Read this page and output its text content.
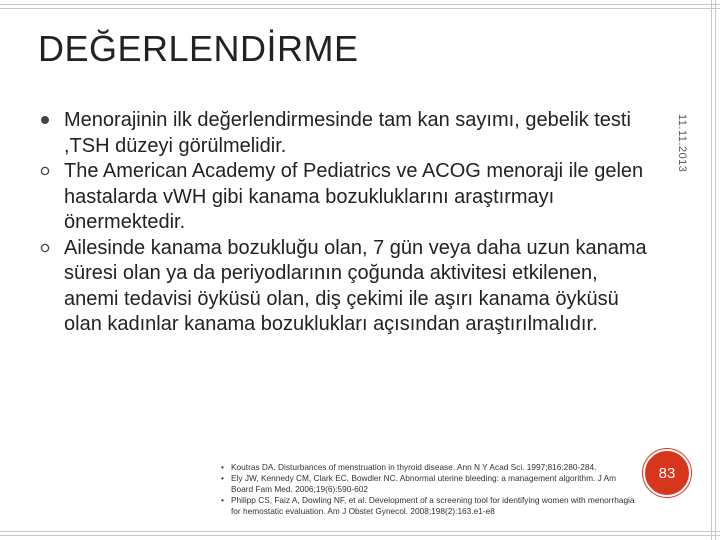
DEĞERLENDİRME
11.11.2013
Menorajinin ilk değerlendirmesinde tam kan sayımı, gebelik testi ,TSH düzeyi görülmelidir.
The American Academy of Pediatrics ve ACOG menoraji ile gelen hastalarda vWH gibi kanama bozukluklarını araştırmayı önermektedir.
Ailesinde kanama bozukluğu olan, 7 gün veya daha uzun kanama süresi olan ya da periyodlarının çoğunda aktivitesi etkilenen, anemi tedavisi öyküsü olan, diş çekimi ile aşırı kanama öyküsü olan kadınlar kanama bozuklukları açısından araştırılmalıdır.
• Koutras DA. Disturbances of menstruation in thyroid disease. Ann N Y Acad Sci. 1997;816:280-284.
• Ely JW, Kennedy CM, Clark EC, Bowdler NC. Abnormal uterine bleeding: a management algorithm. J Am Board Fam Med. 2006;19(6):590-602
• Philipp CS, Faiz A, Dowling NF, et al. Development of a screening tool for identifying women with menorrhagia for hemostatic evaluation. Am J Obstet Gynecol. 2008;198(2):163.e1-e8
83
